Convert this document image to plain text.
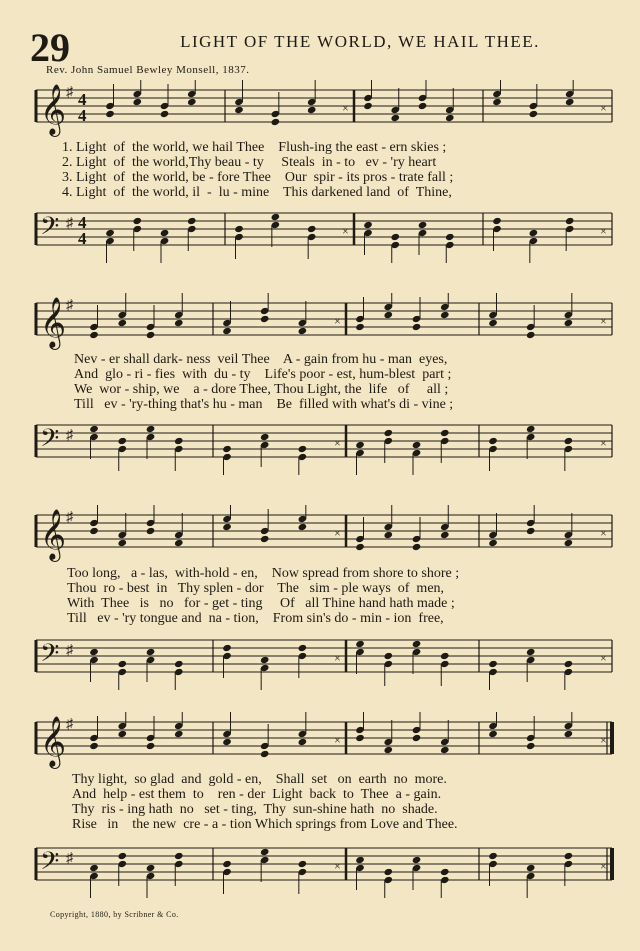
29	LIGHT OF THE WORLD, WE HAIL THEE.
Rev. John Samuel Bewley Monsell, 1837.
𝄞 ♯ 4
4	×	×
1. Light  of  the world, we hail Thee    Flush-ing the east - ern skies ;
2. Light  of  the world,Thy beau - ty     Steals  in - to   ev - 'ry heart
3. Light  of  the world, be - fore Thee    Our  spir - its pros - trate fall ;
4. Light  of  the world, il  -  lu - mine    This darkened land  of  Thine,
𝄢 ♯ 4
4	×	×
𝄞 ♯
×	×
Nev - er shall dark- ness  veil Thee    A - gain from hu - man  eyes,
And  glo - ri - fies  with  du - ty    Life's poor - est, hum-blest  part ;
We  wor - ship, we    a - dore Thee, Thou Light, the  life   of     all ;
Till   ev - 'ry-thing that's hu - man    Be  filled with what's di - vine ;
𝄢 ♯	×	×
𝄞 ♯
×	×
Too long,   a - las,  with-hold - en,    Now spread from shore to shore ;
Thou  ro - best  in   Thy splen - dor    The   sim - ple ways  of  men,
With  Thee   is   no   for - get - ting     Of   all Thine hand hath made ;
Till   ev - 'ry tongue and  na - tion,    From sin's do - min - ion  free,
𝄢 ♯	×	×
𝄞 ♯
×	×
Thy light,  so glad  and  gold - en,    Shall  set   on  earth  no  more.
And  help - est them  to    ren - der  Light  back  to  Thee  a - gain.
Thy  ris - ing hath  no   set - ting,  Thy  sun-shine hath  no  shade.
Rise   in    the new  cre - a - tion Which springs from Love and Thee.
𝄢 ♯	×	×
Copyright, 1880, by Scribner & Co.
